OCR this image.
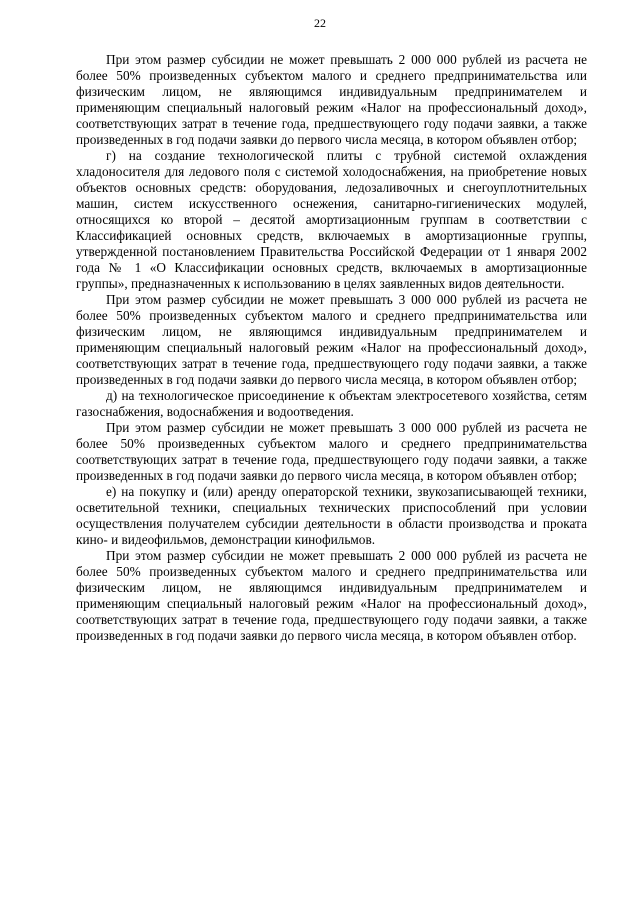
22

При этом размер субсидии не может превышать 2 000 000 рублей из расчета не более 50% произведенных субъектом малого и среднего предпринимательства или физическим лицом, не являющимся индивидуальным предпринимателем и применяющим специальный налоговый режим «Налог на профессиональный доход», соответствующих затрат в течение года, предшествующего году подачи заявки, а также произведенных в год подачи заявки до первого числа месяца, в котором объявлен отбор;

г) на создание технологической плиты с трубной системой охлаждения хладоносителя для ледового поля с системой холодоснабжения, на приобретение новых объектов основных средств: оборудования, ледозаливочных и снегоуплотнительных машин, систем искусственного оснежения, санитарно-гигиенических модулей, относящихся ко второй – десятой амортизационным группам в соответствии с Классификацией основных средств, включаемых в амортизационные группы, утвержденной постановлением Правительства Российской Федерации от 1 января 2002 года № 1 «О Классификации основных средств, включаемых в амортизационные группы», предназначенных к использованию в целях заявленных видов деятельности.

При этом размер субсидии не может превышать 3 000 000 рублей из расчета не более 50% произведенных субъектом малого и среднего предпринимательства или физическим лицом, не являющимся индивидуальным предпринимателем и применяющим специальный налоговый режим «Налог на профессиональный доход», соответствующих затрат в течение года, предшествующего году подачи заявки, а также произведенных в год подачи заявки до первого числа месяца, в котором объявлен отбор;

д) на технологическое присоединение к объектам электросетевого хозяйства, сетям газоснабжения, водоснабжения и водоотведения.

При этом размер субсидии не может превышать 3 000 000 рублей из расчета не более 50% произведенных субъектом малого и среднего предпринимательства соответствующих затрат в течение года, предшествующего году подачи заявки, а также произведенных в год подачи заявки до первого числа месяца, в котором объявлен отбор;

е) на покупку и (или) аренду операторской техники, звукозаписывающей техники, осветительной техники, специальных технических приспособлений при условии осуществления получателем субсидии деятельности в области производства и проката кино- и видеофильмов, демонстрации кинофильмов.

При этом размер субсидии не может превышать 2 000 000 рублей из расчета не более 50% произведенных субъектом малого и среднего предпринимательства или физическим лицом, не являющимся индивидуальным предпринимателем и применяющим специальный налоговый режим «Налог на профессиональный доход», соответствующих затрат в течение года, предшествующего году подачи заявки, а также произведенных в год подачи заявки до первого числа месяца, в котором объявлен отбор.
